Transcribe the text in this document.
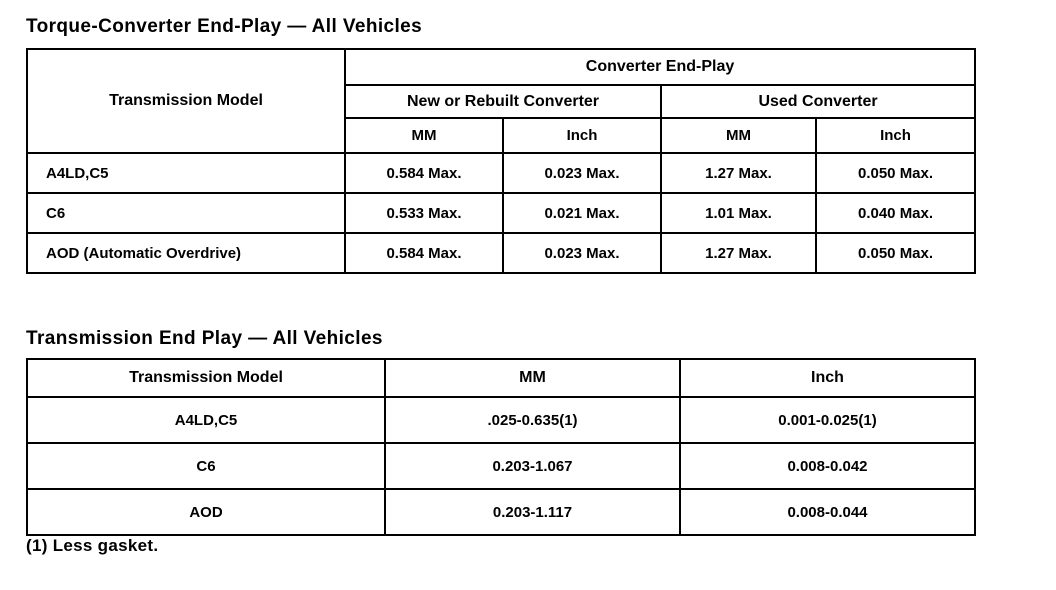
Torque-Converter End-Play — All Vehicles
Transmission Model	Converter End-Play			
	New or Rebuilt Converter		Used Converter	
	MM	Inch	MM	Inch
A4LD,C5	0.584 Max.	0.023 Max.	1.27 Max.	0.050 Max.
C6	0.533 Max.	0.021 Max.	1.01 Max.	0.040 Max.
AOD (Automatic Overdrive)	0.584 Max.	0.023 Max.	1.27 Max.	0.050 Max.
Transmission End Play — All Vehicles
Transmission Model	MM	Inch
A4LD,C5	.025-0.635(1)	0.001-0.025(1)
C6	0.203-1.067	0.008-0.042
AOD	0.203-1.117	0.008-0.044
(1) Less gasket.
